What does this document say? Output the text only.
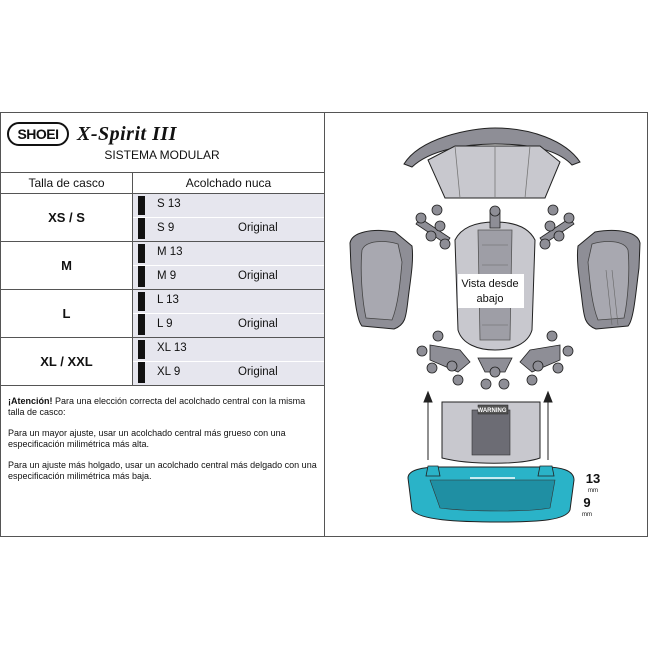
SHOEI X-Spirit III
SISTEMA MODULAR
Talla de casco	Acolchado nuca
XS / S
S 13
S 9	Original
M
M 13
M 9	Original
L
L 13
L 9	Original
XL / XXL
XL 13
XL 9	Original

¡Atención! Para una elección correcta del acolchado central con la misma talla de casco:

Para un mayor ajuste, usar un acolchado central más grueso con una especificación milimétrica más alta.

Para un ajuste más holgado, usar un acolchado central más delgado con una especificación milimétrica más baja.

Vista desde
abajo
WARNING
13
mm
9
mm
